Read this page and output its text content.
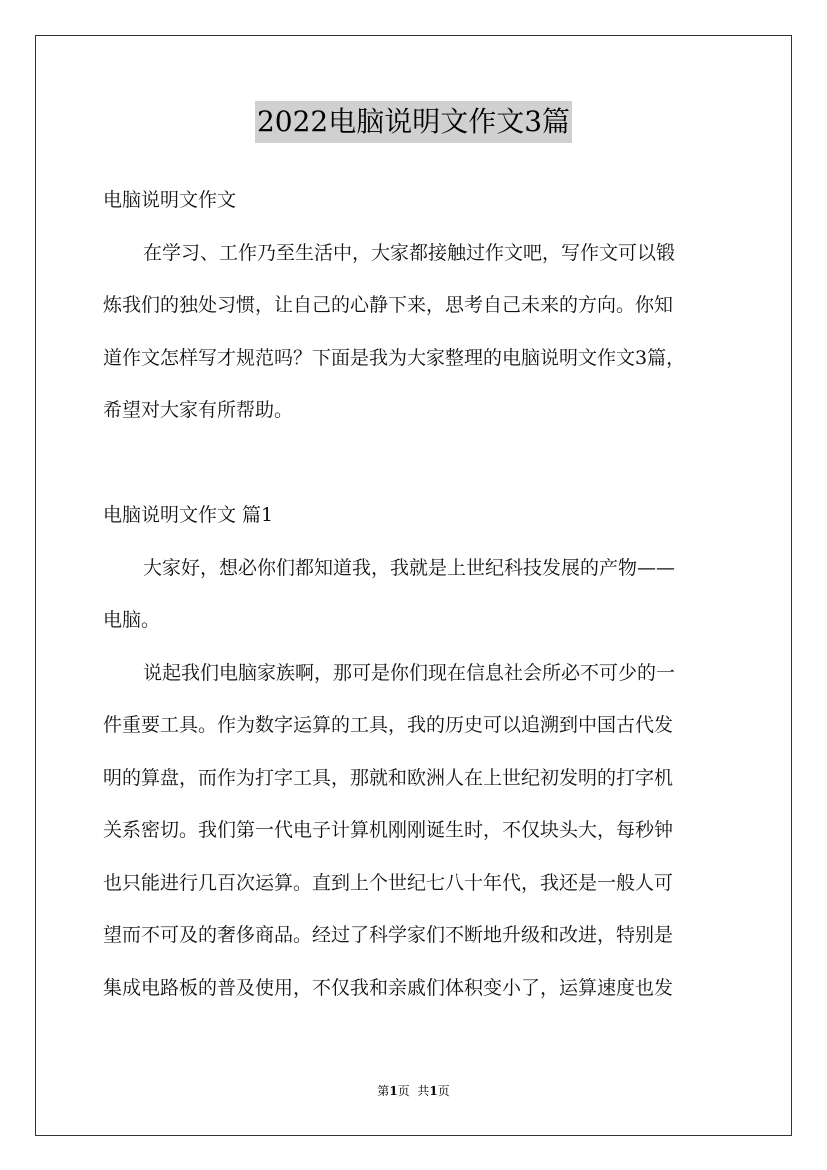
2022电脑说明文作文3篇
电脑说明文作文
在学习、工作乃至生活中，大家都接触过作文吧，写作文可以锻
炼我们的独处习惯，让自己的心静下来，思考自己未来的方向。你知
道作文怎样写才规范吗？下面是我为大家整理的电脑说明文作文3篇，
希望对大家有所帮助。
电脑说明文作文 篇1
大家好，想必你们都知道我，我就是上世纪科技发展的产物——
电脑。
说起我们电脑家族啊，那可是你们现在信息社会所必不可少的一
件重要工具。作为数字运算的工具，我的历史可以追溯到中国古代发
明的算盘，而作为打字工具，那就和欧洲人在上世纪初发明的打字机
关系密切。我们第一代电子计算机刚刚诞生时，不仅块头大，每秒钟
也只能进行几百次运算。直到上个世纪七八十年代，我还是一般人可
望而不可及的奢侈商品。经过了科学家们不断地升级和改进，特别是
集成电路板的普及使用，不仅我和亲戚们体积变小了，运算速度也发
第1页  共1页
